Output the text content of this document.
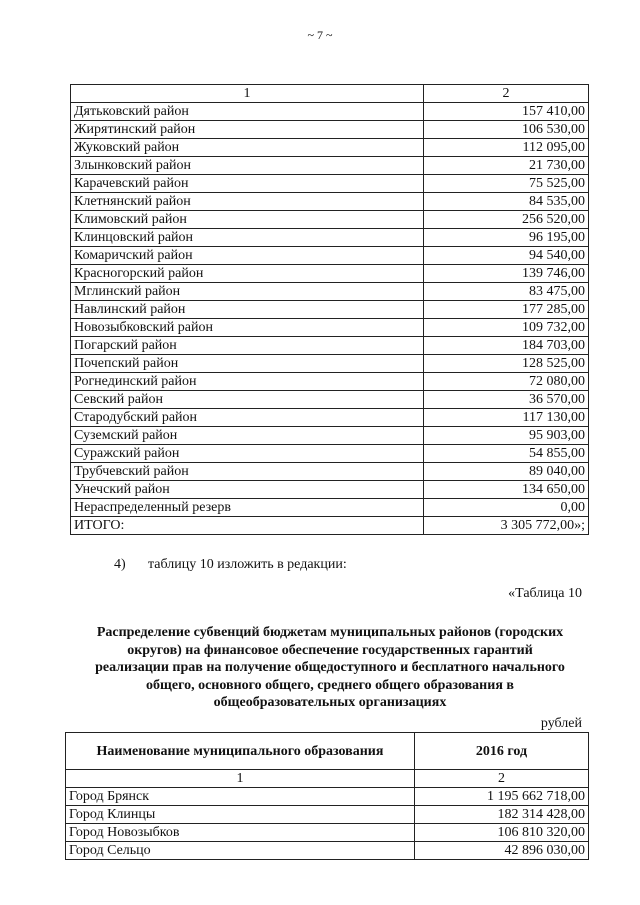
~ 7 ~
1	2
Дятьковский район	157 410,00
Жирятинский район	106 530,00
Жуковский район	112 095,00
Злынковский район	21 730,00
Карачевский район	75 525,00
Клетнянский район	84 535,00
Климовский район	256 520,00
Клинцовский район	96 195,00
Комаричский район	94 540,00
Красногорский район	139 746,00
Мглинский район	83 475,00
Навлинский район	177 285,00
Новозыбковский район	109 732,00
Погарский район	184 703,00
Почепский район	128 525,00
Рогнединский район	72 080,00
Севский район	36 570,00
Стародубский район	117 130,00
Суземский район	95 903,00
Суражский район	54 855,00
Трубчевский район	89 040,00
Унечский район	134 650,00
Нераспределенный резерв	0,00
ИТОГО:	3 305 772,00»;
4) таблицу 10 изложить в редакции:
«Таблица 10
Распределение субвенций бюджетам муниципальных районов (городских
округов) на финансовое обеспечение государственных гарантий
реализации прав на получение общедоступного и бесплатного начального
общего, основного общего, среднего общего образования в
общеобразовательных организациях
рублей
Наименование муниципального образования	2016 год
1	2
Город Брянск	1 195 662 718,00
Город Клинцы	182 314 428,00
Город Новозыбков	106 810 320,00
Город Сельцо	42 896 030,00
